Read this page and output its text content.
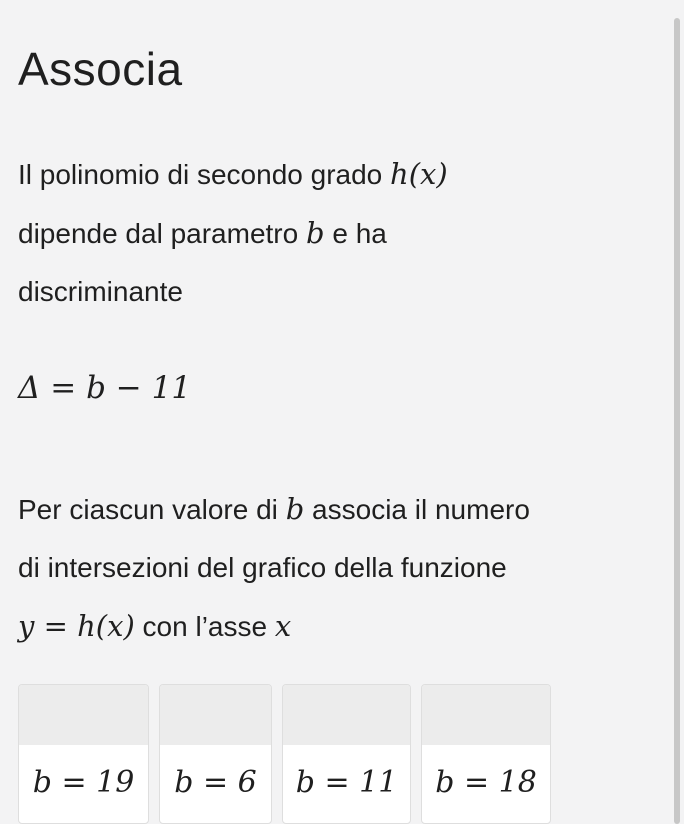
Associa
Il polinomio di secondo grado h(x)
dipende dal parametro b e ha
discriminante
Δ = b − 11
Per ciascun valore di b associa il numero
di intersezioni del grafico della funzione
y = h(x) con l’asse x
b = 19	b = 6	b = 11	b = 18
